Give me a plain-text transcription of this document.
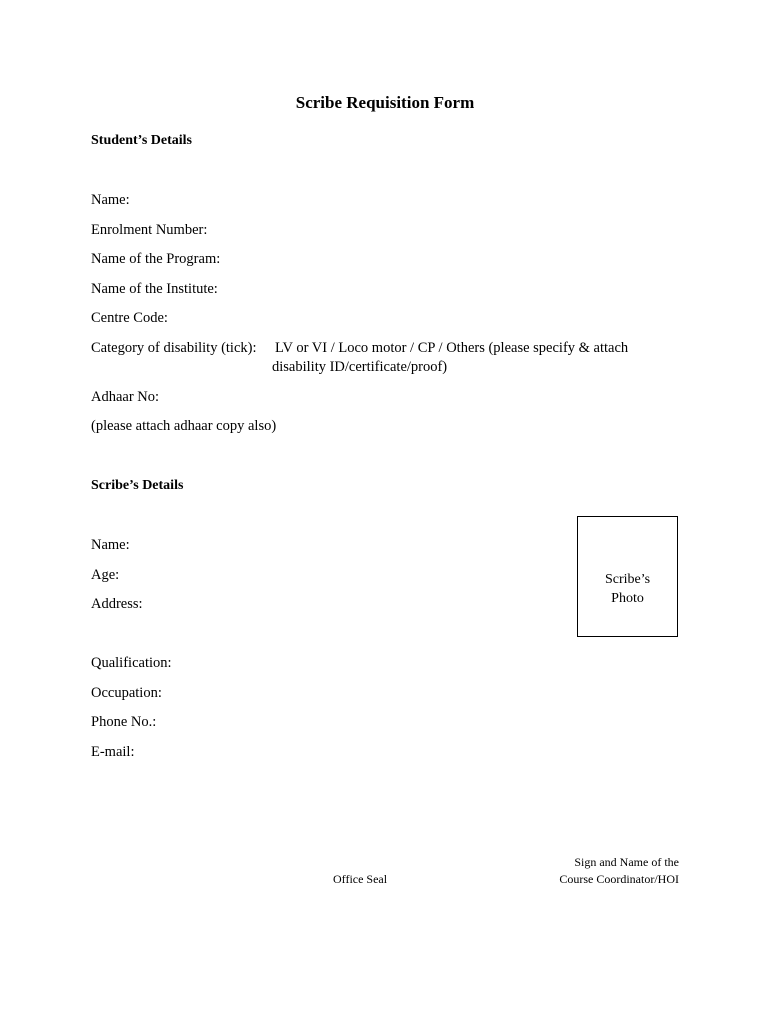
Scribe Requisition Form
Student’s Details
Name:
Enrolment Number:
Name of the Program:
Name of the Institute:
Centre Code:
Category of disability (tick): LV or VI / Loco motor / CP / Others (please specify & attach
disability ID/certificate/proof)
Adhaar No:
(please attach adhaar copy also)
Scribe’s Details
Name:
Age:
Address:
Qualification:
Occupation:
Phone No.:
E-mail:
Scribe’s
Photo
Office Seal
Sign and Name of the
Course Coordinator/HOI
